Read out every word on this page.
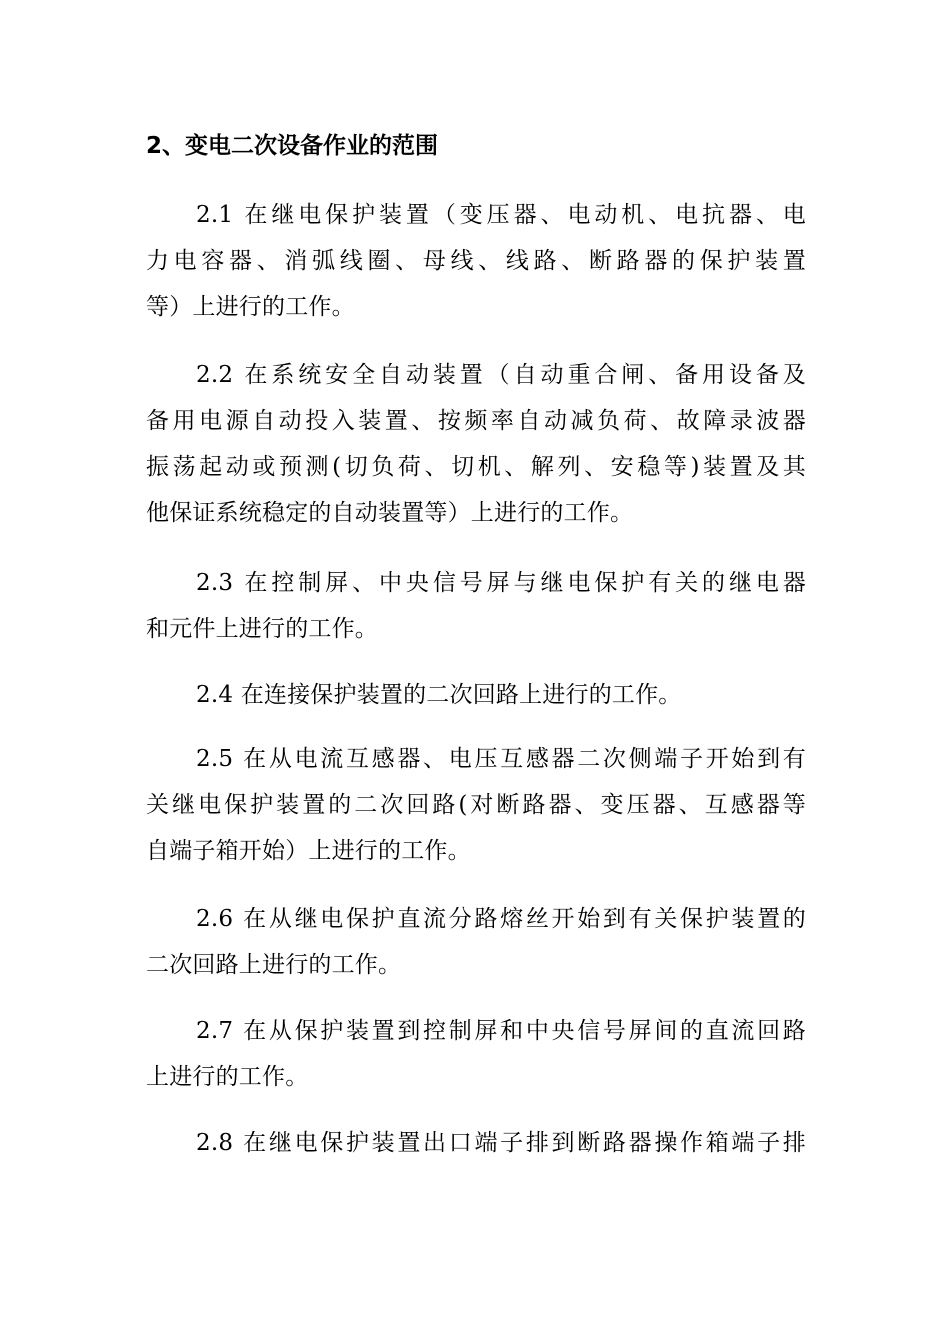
2、变电二次设备作业的范围
2.1 在继电保护装置（变压器、电动机、电抗器、电
力电容器、消弧线圈、母线、线路、断路器的保护装置
等）上进行的工作。
2.2 在系统安全自动装置（自动重合闸、备用设备及
备用电源自动投入装置、按频率自动减负荷、故障录波器
振荡起动或预测(切负荷、切机、解列、安稳等)装置及其
他保证系统稳定的自动装置等）上进行的工作。
2.3 在控制屏、中央信号屏与继电保护有关的继电器
和元件上进行的工作。
2.4 在连接保护装置的二次回路上进行的工作。
2.5 在从电流互感器、电压互感器二次侧端子开始到有
关继电保护装置的二次回路(对断路器、变压器、互感器等
自端子箱开始）上进行的工作。
2.6 在从继电保护直流分路熔丝开始到有关保护装置的
二次回路上进行的工作。
2.7 在从保护装置到控制屏和中央信号屏间的直流回路
上进行的工作。
2.8 在继电保护装置出口端子排到断路器操作箱端子排
